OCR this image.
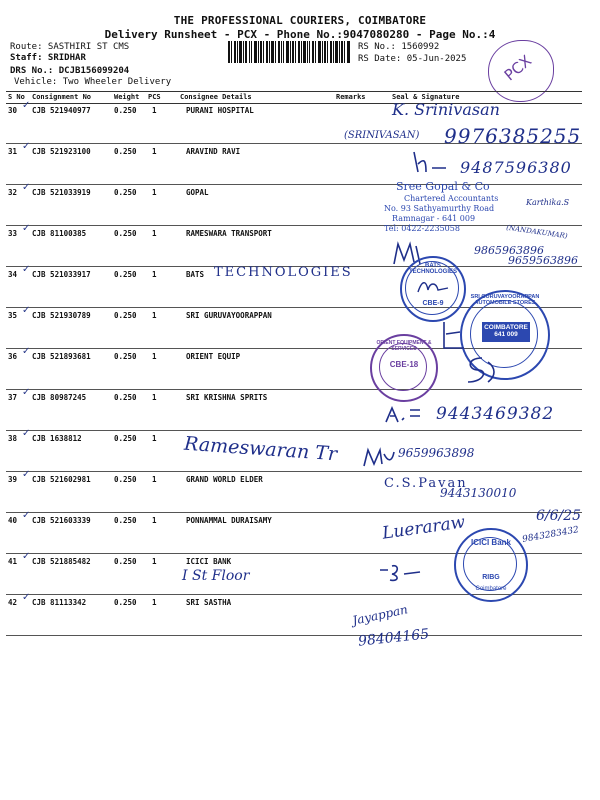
THE PROFESSIONAL COURIERS, COIMBATORE
Delivery Runsheet - PCX - Phone No.:9047080280 - Page No.:4
Route: SASTHIRI ST CMS
Staff: SRIDHAR
DRS No.: DCJB156099204
Vehicle: Two Wheeler Delivery
RS No.: 1560992
RS Date: 05-Jun-2025 PCX
S No Consignment No	Weight PCS	Consignee Details	Remarks	Seal & Signature
30 ✓ CJB 521940977	0.250 1	PURANI HOSPITAL
31 ✓ CJB 521923100	0.250 1	ARAVIND RAVI
32 ✓ CJB 521033919	0.250 1	GOPAL
33 ✓ CJB 81100385	0.250 1	RAMESWARA TRANSPORT
34 ✓ CJB 521033917	0.250 1	BATS
35 ✓ CJB 521930789	0.250 1	SRI GURUVAYOORAPPAN
36 ✓ CJB 521893681	0.250 1	ORIENT EQUIP
37 ✓ CJB 80987245	0.250 1	SRI KRISHNA SPRITS
38 ✓ CJB 1638812	0.250 1
39 ✓ CJB 521602981	0.250 1	GRAND WORLD ELDER
40 ✓ CJB 521603339	0.250 1	PONNAMMAL DURAISAMY
41 ✓ CJB 521885482	0.250 1	ICICI BANK
42 ✓ CJB 81113342	0.250 1	SRI SASTHA
K. Srinivasan
(SRINIVASAN) 9976385255
9487596380
Sree Gopal & Co
Chartered Accountants
No. 93 Sathyamurthy Road
Ramnagar - 641 009
Tel: 0422-2235058
Karthika.S
(NANDAKUMAR)
TECHNOLOGIES
9865963896
9659563896
BATS TECHNOLOGIES
CBE-9
SRI GURUVAYOORAPPAN AUTOMOBILE STORES
COIMBATORE
641 009
ORIENT EQUIPMENT & SERVICES
CBE-18
9443469382
Rameswaran Tr	9659963898
C.S.Pavan
9443130010
Lueraraw	6/6/25
9843283432
I St Floor
ICICI Bank
RIBG
Coimbatore
Jayappan
98404165
